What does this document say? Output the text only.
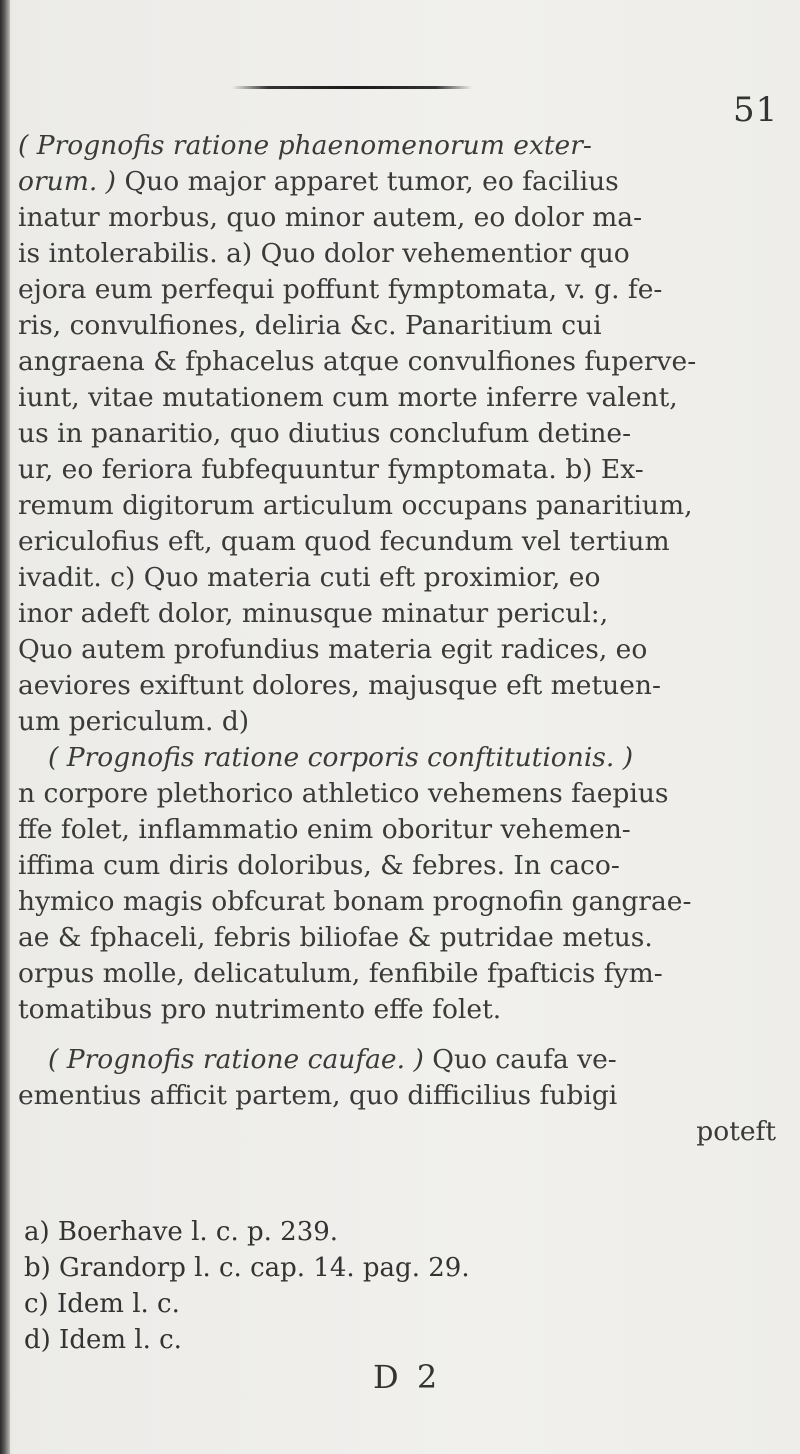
51
( Prognofis ratione phaenomenorum exter-
orum. ) Quo major apparet tumor, eo facilius
inatur morbus, quo minor autem, eo dolor ma-
is intolerabilis. a) Quo dolor vehementior quo
ejora eum perfequi poffunt fymptomata, v. g. fe-
ris, convulfiones, deliria &c. Panaritium cui
angraena & fphacelus atque convulfiones fuperve-
iunt, vitae mutationem cum morte inferre valent,
us in panaritio, quo diutius conclufum detine-
ur, eo feriora fubfequuntur fymptomata. b) Ex-
remum digitorum articulum occupans panaritium,
ericulofius eft, quam quod fecundum vel tertium
ivadit. c) Quo materia cuti eft proximior, eo
inor adeft dolor, minusque minatur pericul:,
Quo autem profundius materia egit radices, eo
aeviores exiftunt dolores, majusque eft metuen-
um periculum. d)
( Prognofis ratione corporis conftitutionis. )
n corpore plethorico athletico vehemens faepius
ffe folet, inflammatio enim oboritur vehemen-
iffima cum diris doloribus, & febres. In caco-
hymico magis obfcurat bonam prognofin gangrae-
ae & fphaceli, febris biliofae & putridae metus.
orpus molle, delicatulum, fenfibile fpafticis fym-
tomatibus pro nutrimento effe folet.
( Prognofis ratione caufae. ) Quo caufa ve-
ementius afficit partem, quo difficilius fubigi
poteft
a) Boerhave l. c. p. 239.
b) Grandorp l. c. cap. 14. pag. 29.
c) Idem l. c.
d) Idem l. c.
D 2
